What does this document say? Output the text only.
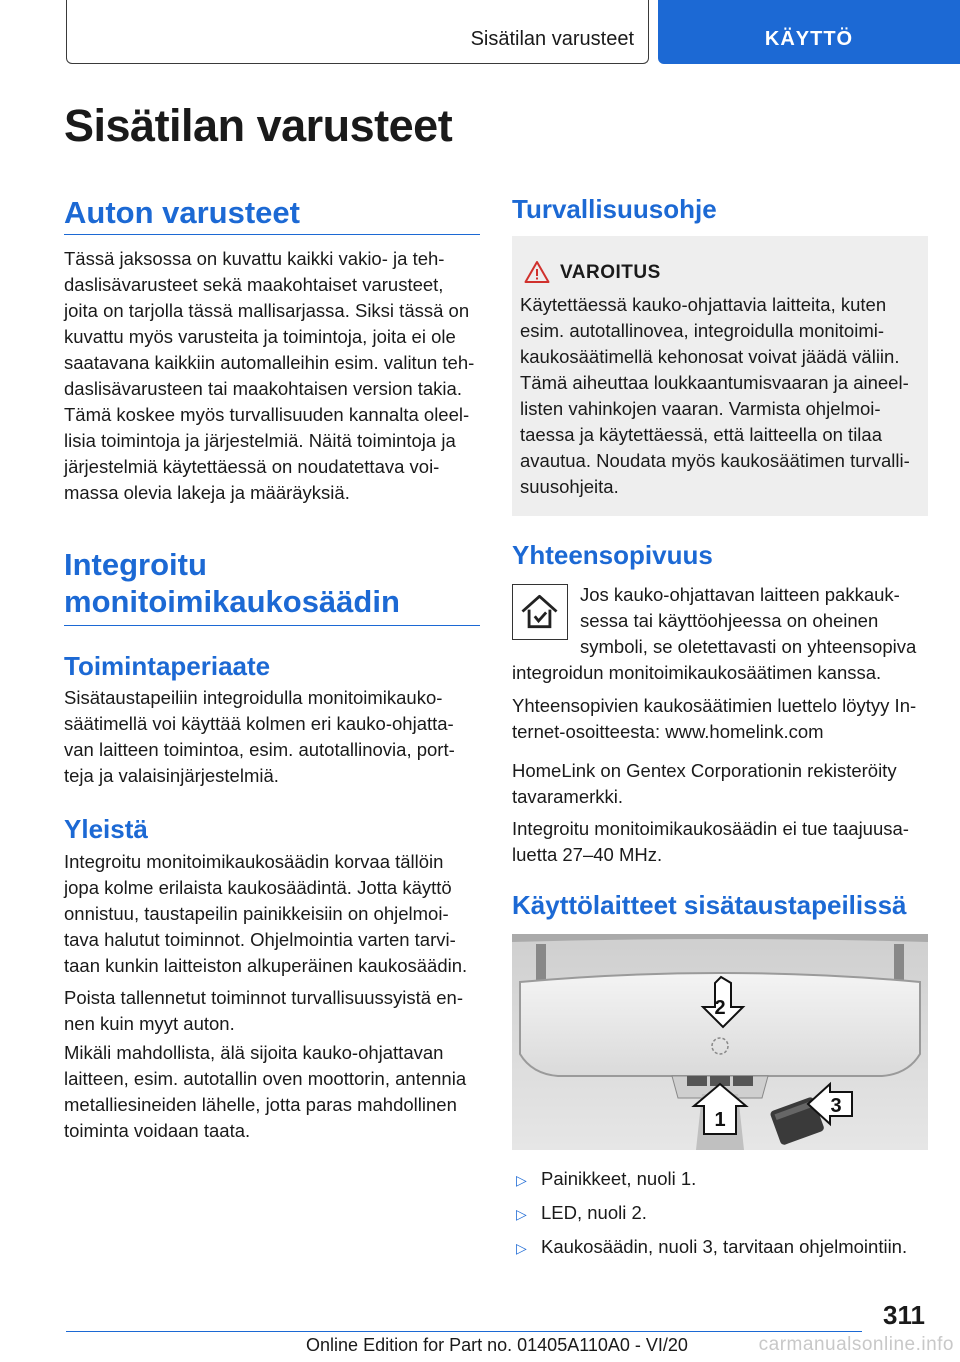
Sisätilan varusteet	KÄYTTÖ
Sisätilan varusteet
Auton varusteet

Tässä jaksossa on kuvattu kaikki vakio- ja teh-
daslisävarusteet sekä maakohtaiset varusteet,
joita on tarjolla tässä mallisarjassa. Siksi tässä on
kuvattu myös varusteita ja toimintoja, joita ei ole
saatavana kaikkiin automalleihin esim. valitun teh-
daslisävarusteen tai maakohtaisen version takia.
Tämä koskee myös turvallisuuden kannalta oleel-
lisia toimintoja ja järjestelmiä. Näitä toimintoja ja
järjestelmiä käytettäessä on noudatettava voi-
massa olevia lakeja ja määräyksiä.

Integroitu
monitoimikaukosäädin
Toimintaperiaate

Sisätaustapeiliin integroidulla monitoimikauko-
säätimellä voi käyttää kolmen eri kauko-ohjatta-
van laitteen toimintoa, esim. autotallinovia, port-
teja ja valaisinjärjestelmiä.

Yleistä

Integroitu monitoimikaukosäädin korvaa tällöin
jopa kolme erilaista kaukosäädintä. Jotta käyttö
onnistuu, taustapeilin painikkeisiin on ohjelmoi-
tava halutut toiminnot. Ohjelmointia varten tarvi-
taan kunkin laitteiston alkuperäinen kaukosäädin.

Poista tallennetut toiminnot turvallisuussyistä en-
nen kuin myyt auton.

Mikäli mahdollista, älä sijoita kauko-ohjattavan
laitteen, esim. autotallin oven moottorin, antennia
metalliesineiden lähelle, jotta paras mahdollinen
toiminta voidaan taata.

Turvallisuusohje
VAROITUS

Käytettäessä kauko-ohjattavia laitteita, kuten
esim. autotallinovea, integroidulla monitoimi-
kaukosäätimellä kehonosat voivat jäädä väliin.
Tämä aiheuttaa loukkaantumisvaaran ja aineel-
listen vahinkojen vaaran. Varmista ohjelmoi-
taessa ja käytettäessä, että laitteella on tilaa
avautua. Noudata myös kaukosäätimen turvalli-
suusohjeita.

Yhteensopivuus

Jos kauko-ohjattavan laitteen pakkauk-
sessa tai käyttöohjeessa on oheinen
symboli, se oletettavasti on yhteensopiva

integroidun monitoimikaukosäätimen kanssa.

Yhteensopivien kaukosäätimien luettelo löytyy In-
ternet-osoitteesta: www.homelink.com

HomeLink on Gentex Corporationin rekisteröity
tavaramerkki.

Integroitu monitoimikaukosäädin ei tue taajuusa-
luetta 27–40 MHz.

Käyttölaitteet sisätaustapeilissä
2
1
3
▷ Painikkeet, nuoli 1.
▷ LED, nuoli 2.
▷ Kaukosäädin, nuoli 3, tarvitaan ohjelmointiin.
311
Online Edition for Part no. 01405A110A0 - VI/20	carmanualsonline.info
